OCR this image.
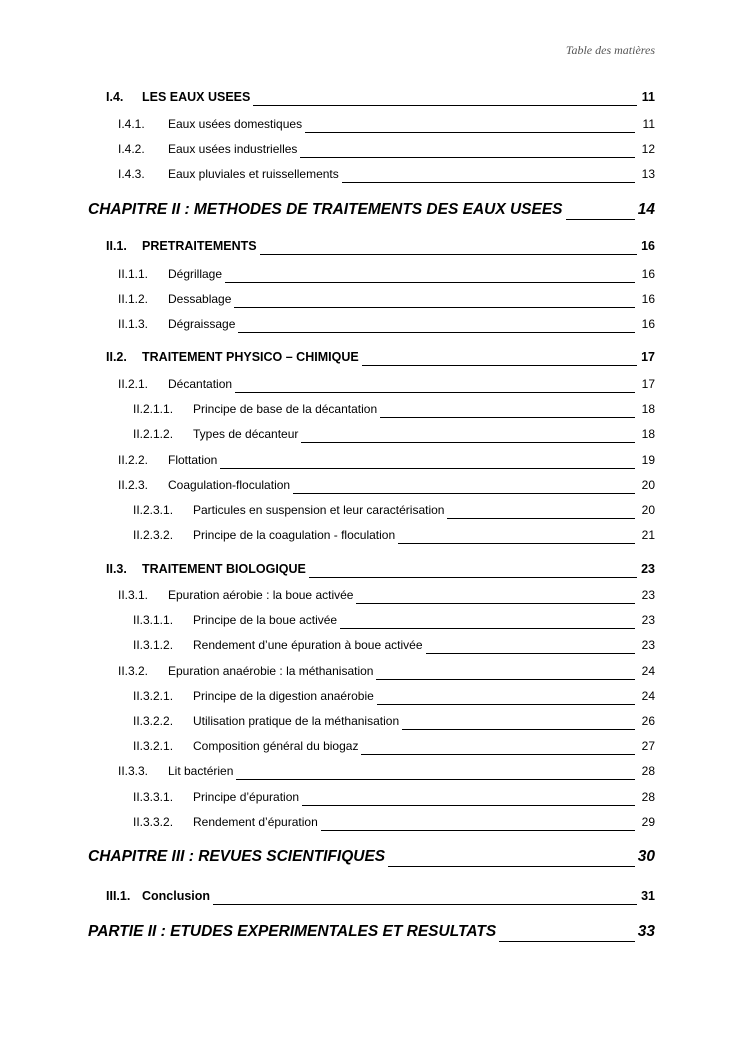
Table des matières
I.4. LES EAUX USEES	11
I.4.1. Eaux usées domestiques	11
I.4.2. Eaux usées industrielles	12
I.4.3. Eaux pluviales et ruissellements	13
CHAPITRE II : METHODES DE TRAITEMENTS DES EAUX USEES	14
II.1. PRETRAITEMENTS	16
II.1.1. Dégrillage	16
II.1.2. Dessablage	16
II.1.3. Dégraissage	16
II.2. TRAITEMENT PHYSICO – CHIMIQUE	17
II.2.1. Décantation	17
II.2.1.1. Principe de base de la décantation	18
II.2.1.2. Types de décanteur	18
II.2.2. Flottation	19
II.2.3. Coagulation-floculation	20
II.2.3.1. Particules en suspension et leur caractérisation	20
II.2.3.2. Principe de la coagulation - floculation	21
II.3. TRAITEMENT BIOLOGIQUE	23
II.3.1. Epuration aérobie : la boue activée	23
II.3.1.1. Principe de la boue activée	23
II.3.1.2. Rendement d’une épuration à boue activée	23
II.3.2. Epuration anaérobie : la méthanisation	24
II.3.2.1. Principe de la digestion anaérobie	24
II.3.2.2. Utilisation pratique de la méthanisation	26
II.3.2.1. Composition général du biogaz	27
II.3.3. Lit bactérien	28
II.3.3.1. Principe d’épuration	28
II.3.3.2. Rendement d’épuration	29
CHAPITRE III : REVUES SCIENTIFIQUES	30
III.1. Conclusion	31
PARTIE II : ETUDES EXPERIMENTALES ET RESULTATS	33
